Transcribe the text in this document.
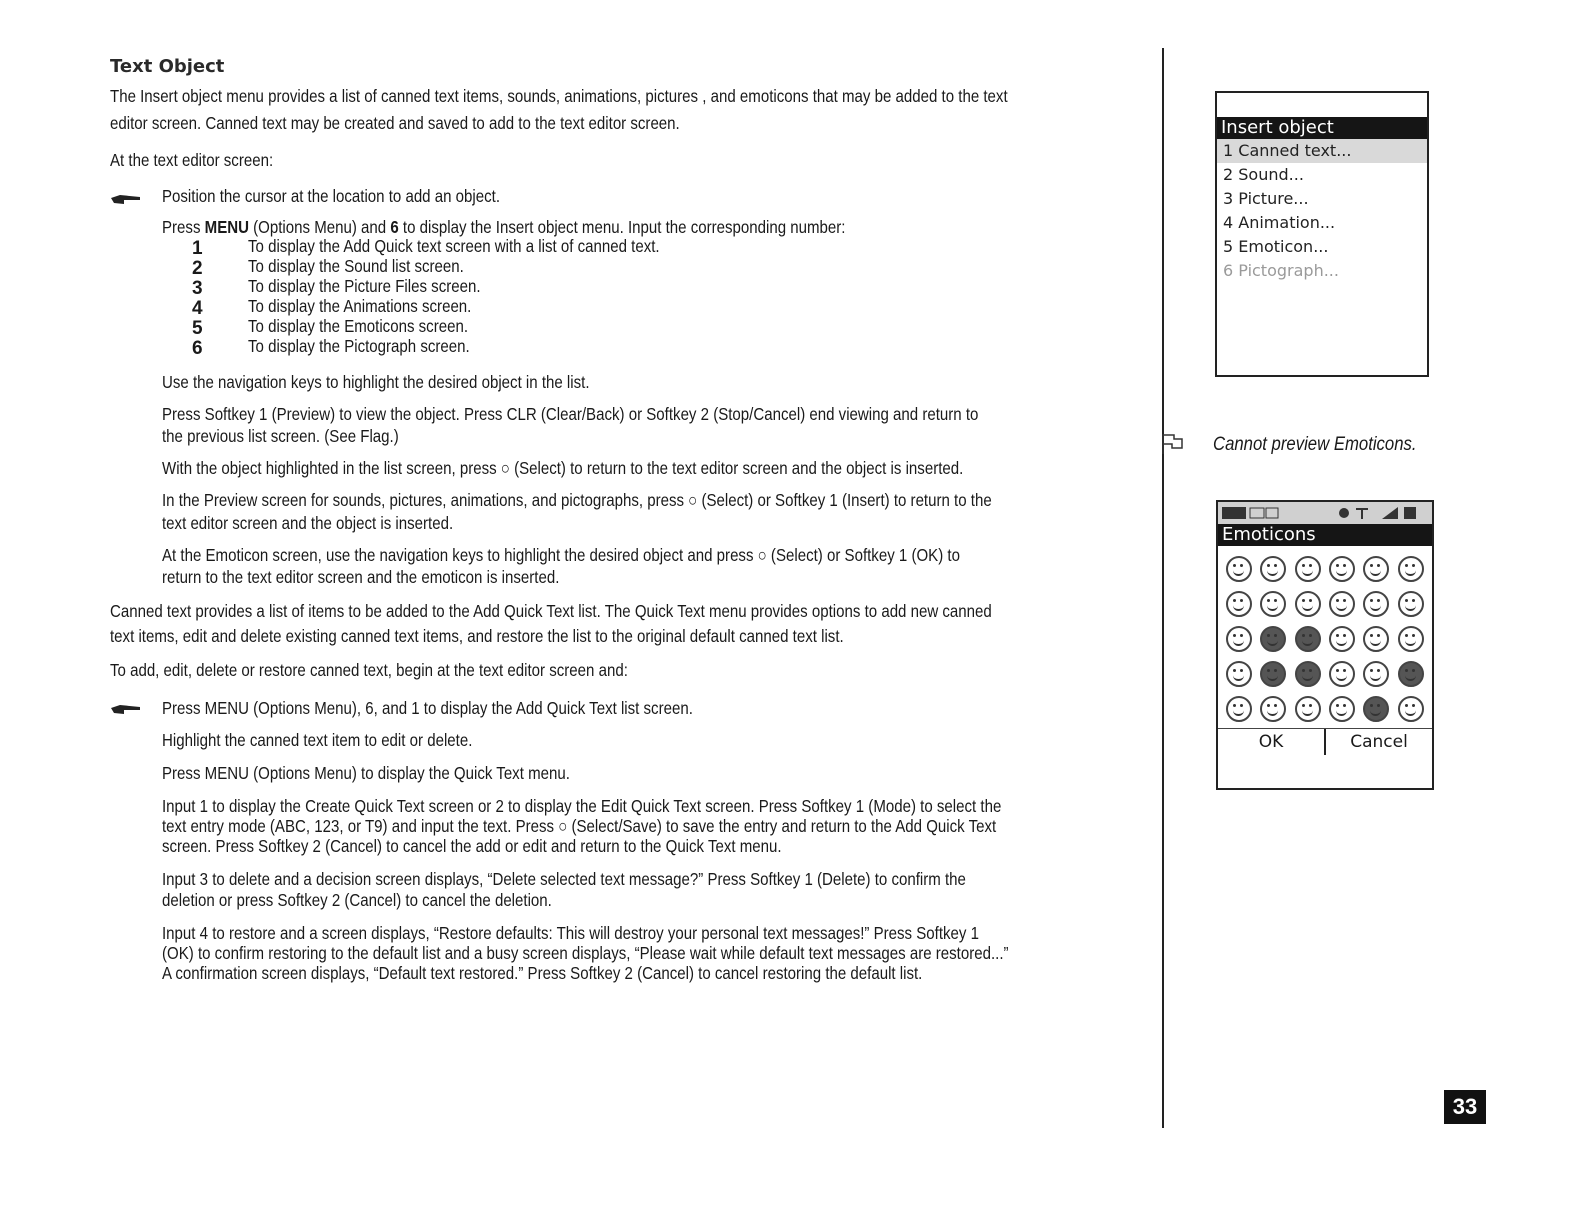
Text Object
The Insert object menu provides a list of canned text items, sounds, animations, pictures , and emoticons that may be added to the text
editor screen. Canned text may be created and saved to add to the text editor screen.
At the text editor screen:
Position the cursor at the location to add an object.
Press MENU (Options Menu) and 6 to display the Insert object menu. Input the corresponding number:
1	To display the Add Quick text screen with a list of canned text.
2	To display the Sound list screen.
3	To display the Picture Files screen.
4	To display the Animations screen.
5	To display the Emoticons screen.
6	To display the Pictograph screen.
Use the navigation keys to highlight the desired object in the list.
Press Softkey 1 (Preview) to view the object. Press CLR (Clear/Back) or Softkey 2 (Stop/Cancel) end viewing and return to
the previous list screen. (See Flag.)
With the object highlighted in the list screen, press ○ (Select) to return to the text editor screen and the object is inserted.
In the Preview screen for sounds, pictures, animations, and pictographs, press ○ (Select) or Softkey 1 (Insert) to return to the
text editor screen and the object is inserted.
At the Emoticon screen, use the navigation keys to highlight the desired object and press ○ (Select) or Softkey 1 (OK) to
return to the text editor screen and the emoticon is inserted.
Canned text provides a list of items to be added to the Add Quick Text list. The Quick Text menu provides options to add new canned
text items, edit and delete existing canned text items, and restore the list to the original default canned text list.
To add, edit, delete or restore canned text, begin at the text editor screen and:
Press MENU (Options Menu), 6, and 1 to display the Add Quick Text list screen.
Highlight the canned text item to edit or delete.
Press MENU (Options Menu) to display the Quick Text menu.
Input 1 to display the Create Quick Text screen or 2 to display the Edit Quick Text screen. Press Softkey 1 (Mode) to select the
text entry mode (ABC, 123, or T9) and input the text. Press ○ (Select/Save) to save the entry and return to the Add Quick Text
screen. Press Softkey 2 (Cancel) to cancel the add or edit and return to the Quick Text menu.
Input 3 to delete and a decision screen displays, “Delete selected text message?” Press Softkey 1 (Delete) to confirm the
deletion or press Softkey 2 (Cancel) to cancel the deletion.
Input 4 to restore and a screen displays, “Restore defaults: This will destroy your personal text messages!” Press Softkey 1
(OK) to confirm restoring to the default list and a busy screen displays, “Please wait while default text messages are restored...”
A confirmation screen displays, “Default text restored.” Press Softkey 2 (Cancel) to cancel restoring the default list.
Insert object
1 Canned text...
2 Sound...
3 Picture...
4 Animation...
5 Emoticon...
6 Pictograph...
Cannot preview Emoticons.
Emoticons
OK	Cancel
33
